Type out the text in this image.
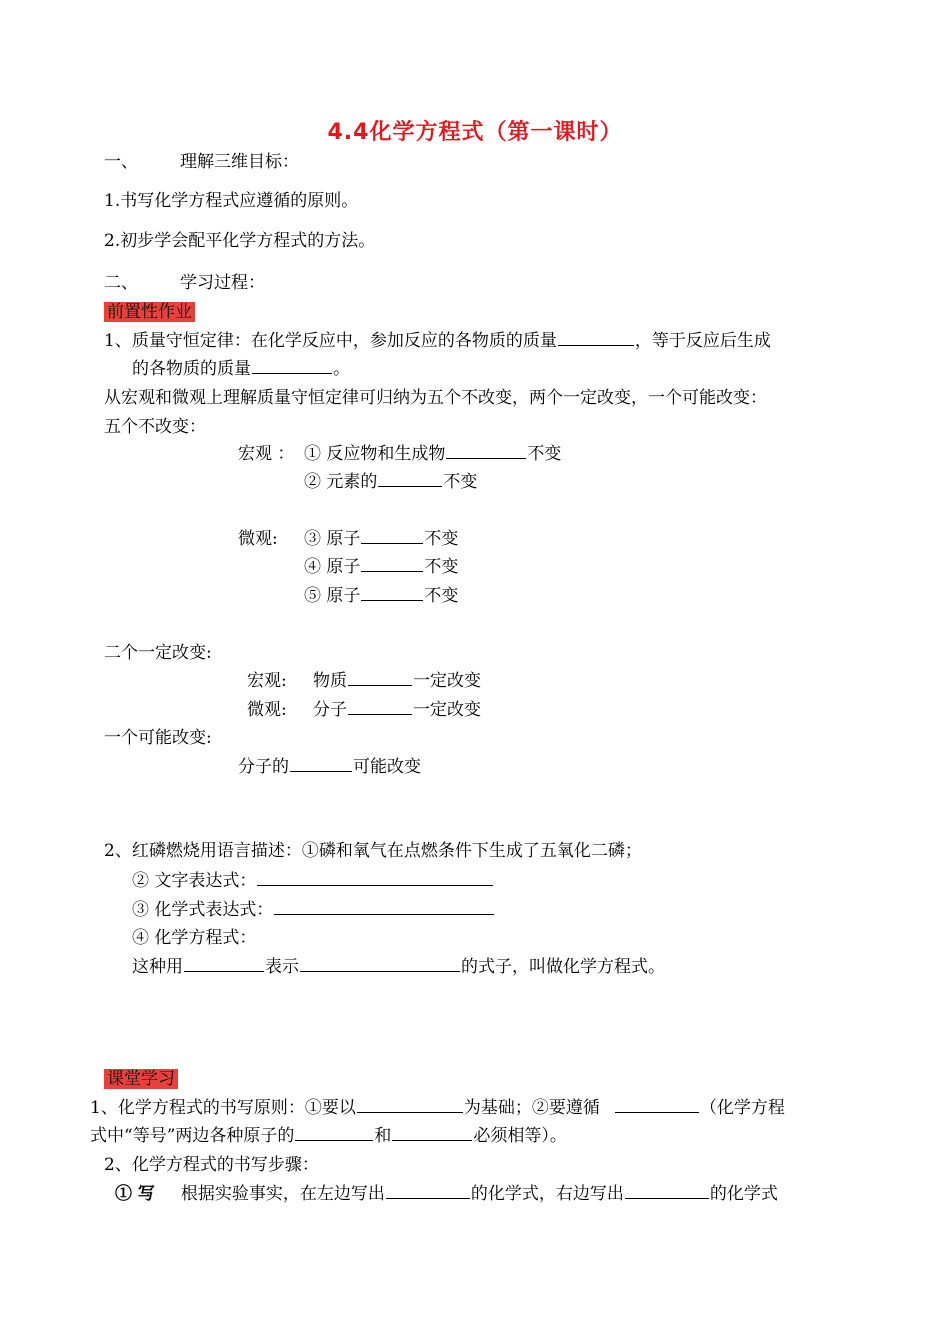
4.4化学方程式（第一课时）
一、 理解三维目标：
1.书写化学方程式应遵循的原则。
2.初步学会配平化学方程式的方法。
二、 学习过程：
前置性作业
1、质量守恒定律：在化学反应中，参加反应的各物质的质量	，等于反应后生成
的各物质的质量	。
从宏观和微观上理解质量守恒定律可归纳为五个不改变，两个一定改变，一个可能改变：
五个不改变：
宏观 ： ① 反应物和生成物	不变
② 元素的	不变
微观: ③ 原子	不变
④ 原子	不变
⑤ 原子	不变
二个一定改变:
宏观: 物质	一定改变
微观: 分子	一定改变
一个可能改变:
分子的	可能改变
2、红磷燃烧用语言描述：①磷和氧气在点燃条件下生成了五氧化二磷；
② 文字表达式：
③ 化学式表达式：
④ 化学方程式：
这种用	表示	的式子，叫做化学方程式。
课堂学习
1、化学方程式的书写原则：①要以	为基础；②要遵循	（化学方程
式中“等号”两边各种原子的	和	必须相等）。
2、化学方程式的书写步骤：
① 写 根据实验事实，在左边写出	的化学式，右边写出	的化学式
